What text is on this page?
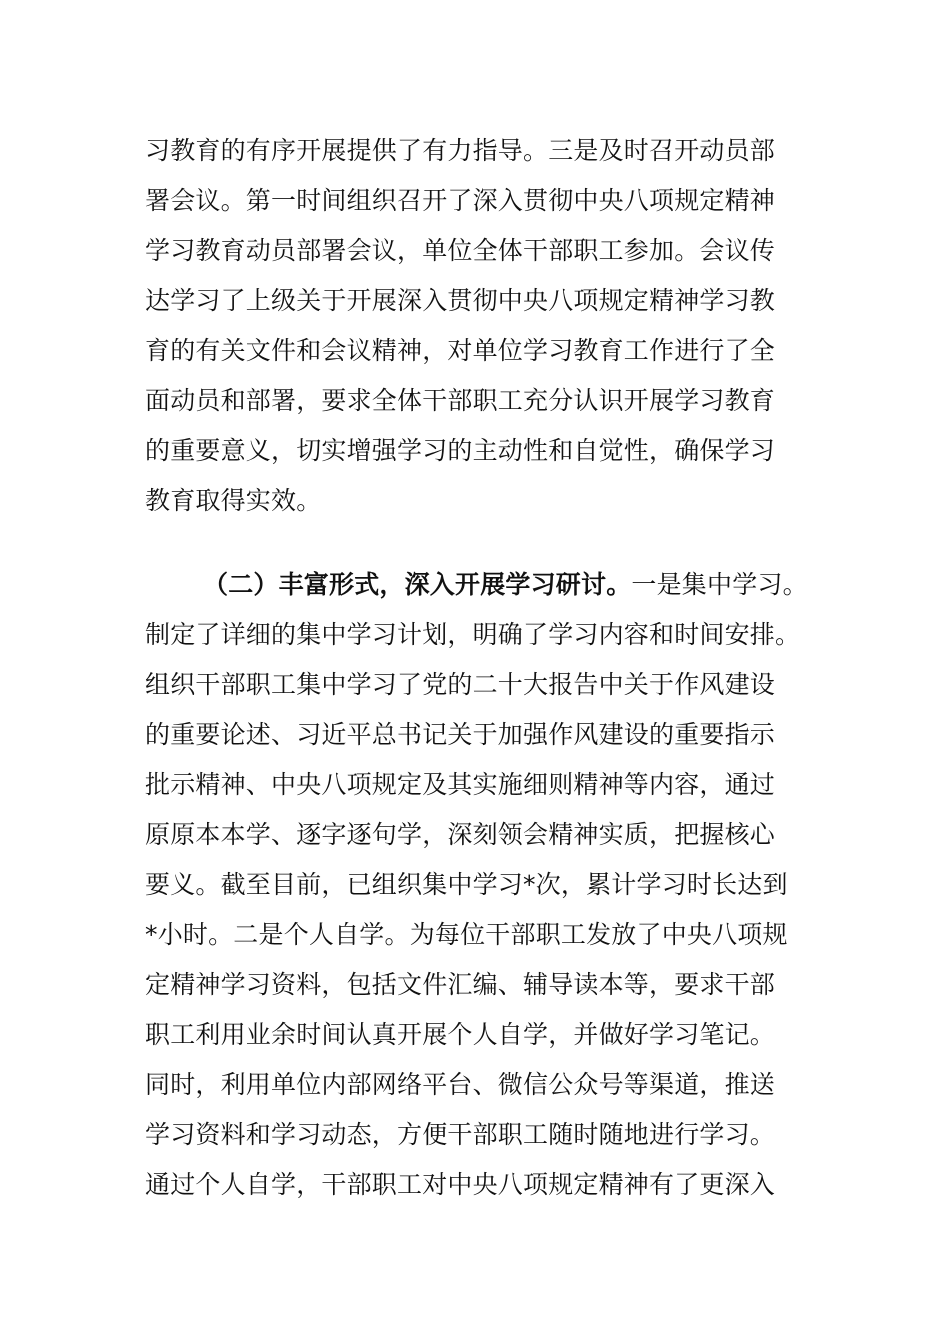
习教育的有序开展提供了有力指导。三是及时召开动员部
署会议。第一时间组织召开了深入贯彻中央八项规定精神
学习教育动员部署会议，单位全体干部职工参加。会议传
达学习了上级关于开展深入贯彻中央八项规定精神学习教
育的有关文件和会议精神，对单位学习教育工作进行了全
面动员和部署，要求全体干部职工充分认识开展学习教育
的重要意义，切实增强学习的主动性和自觉性，确保学习
教育取得实效。
（二）丰富形式，深入开展学习研讨。一是集中学习。
制定了详细的集中学习计划，明确了学习内容和时间安排。
组织干部职工集中学习了党的二十大报告中关于作风建设
的重要论述、习近平总书记关于加强作风建设的重要指示
批示精神、中央八项规定及其实施细则精神等内容，通过
原原本本学、逐字逐句学，深刻领会精神实质，把握核心
要义。截至目前，已组织集中学习*次，累计学习时长达到
*小时。二是个人自学。为每位干部职工发放了中央八项规
定精神学习资料，包括文件汇编、辅导读本等，要求干部
职工利用业余时间认真开展个人自学，并做好学习笔记。
同时，利用单位内部网络平台、微信公众号等渠道，推送
学习资料和学习动态，方便干部职工随时随地进行学习。
通过个人自学，干部职工对中央八项规定精神有了更深入
